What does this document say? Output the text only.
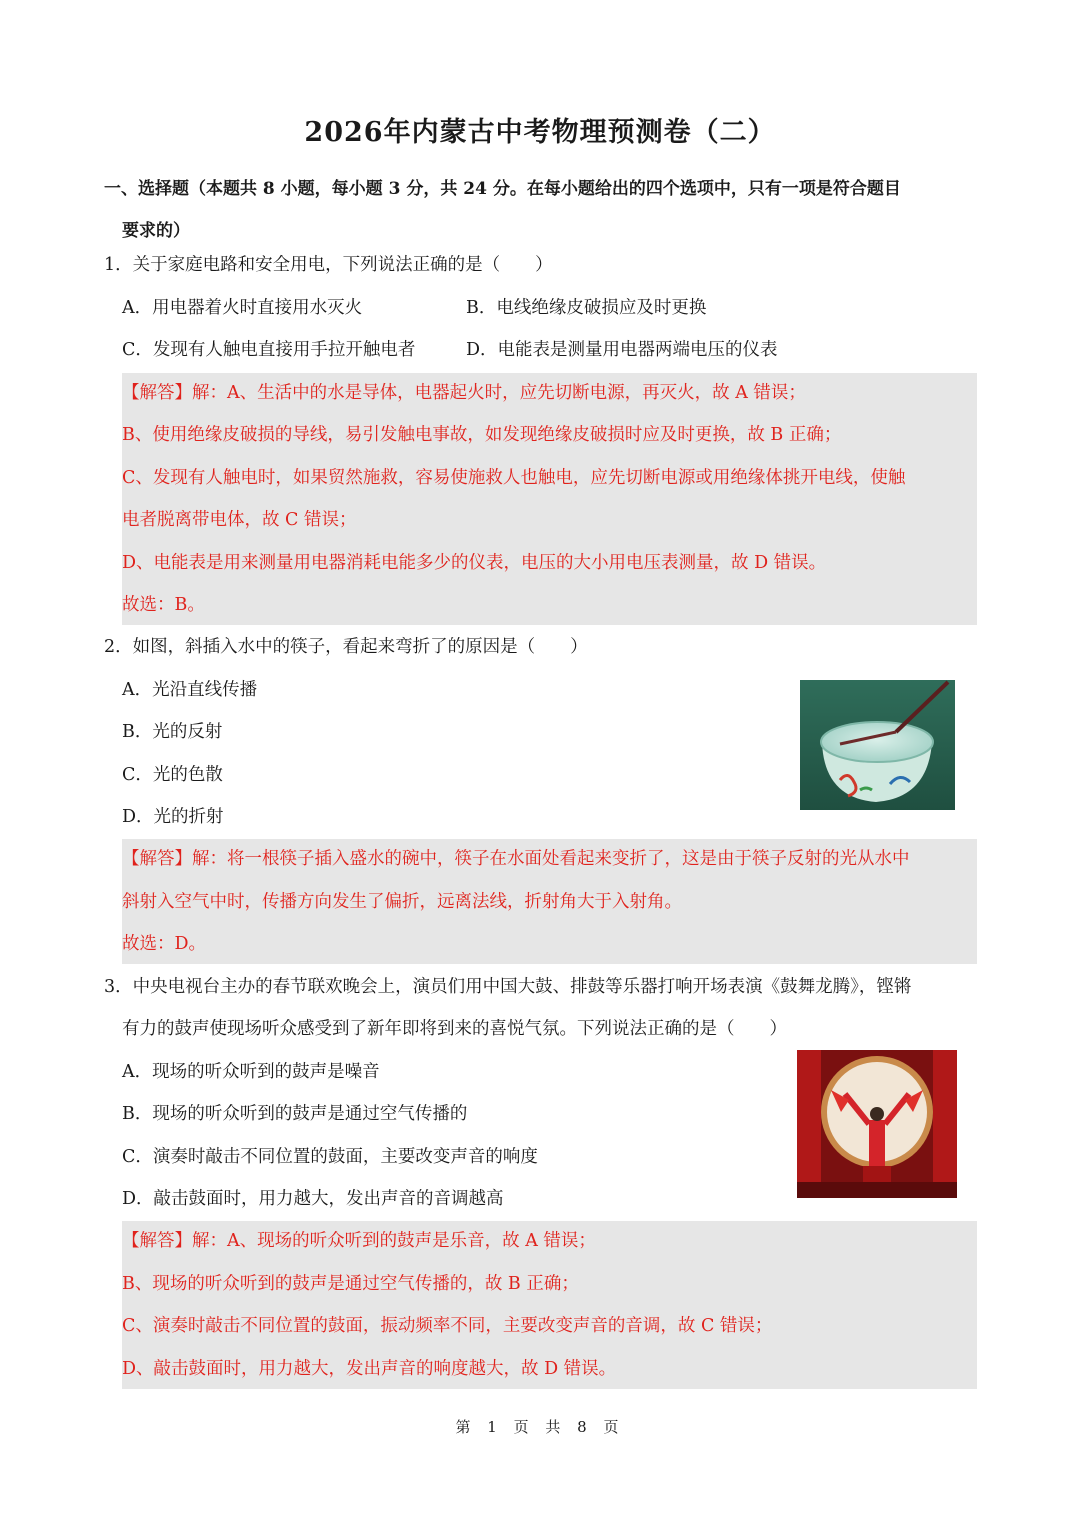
2026年内蒙古中考物理预测卷（二）
一、选择题（本题共 8 小题，每小题 3 分，共 24 分。在每小题给出的四个选项中，只有一项是符合题目
要求的）
1．关于家庭电路和安全用电，下列说法正确的是（　　）
A．用电器着火时直接用水灭火	B．电线绝缘皮破损应及时更换
C．发现有人触电直接用手拉开触电者	D．电能表是测量用电器两端电压的仪表
【解答】解：A、生活中的水是导体，电器起火时，应先切断电源，再灭火，故 A 错误；
B、使用绝缘皮破损的导线，易引发触电事故，如发现绝缘皮破损时应及时更换，故 B 正确；
C、发现有人触电时，如果贸然施救，容易使施救人也触电，应先切断电源或用绝缘体挑开电线，使触
电者脱离带电体，故 C 错误；
D、电能表是用来测量用电器消耗电能多少的仪表，电压的大小用电压表测量，故 D 错误。
故选：B。
2．如图，斜插入水中的筷子，看起来弯折了的原因是（　　）
A．光沿直线传播
B．光的反射
C．光的色散
D．光的折射
【解答】解：将一根筷子插入盛水的碗中，筷子在水面处看起来变折了，这是由于筷子反射的光从水中
斜射入空气中时，传播方向发生了偏折，远离法线，折射角大于入射角。
故选：D。
3．中央电视台主办的春节联欢晚会上，演员们用中国大鼓、排鼓等乐器打响开场表演《鼓舞龙腾》，铿锵
有力的鼓声使现场听众感受到了新年即将到来的喜悦气氛。下列说法正确的是（　　）
A．现场的听众听到的鼓声是噪音
B．现场的听众听到的鼓声是通过空气传播的
C．演奏时敲击不同位置的鼓面，主要改变声音的响度
D．敲击鼓面时，用力越大，发出声音的音调越高
【解答】解：A、现场的听众听到的鼓声是乐音，故 A 错误；
B、现场的听众听到的鼓声是通过空气传播的，故 B 正确；
C、演奏时敲击不同位置的鼓面，振动频率不同，主要改变声音的音调，故 C 错误；
D、敲击鼓面时，用力越大，发出声音的响度越大，故 D 错误。
第 1 页 共 8 页
